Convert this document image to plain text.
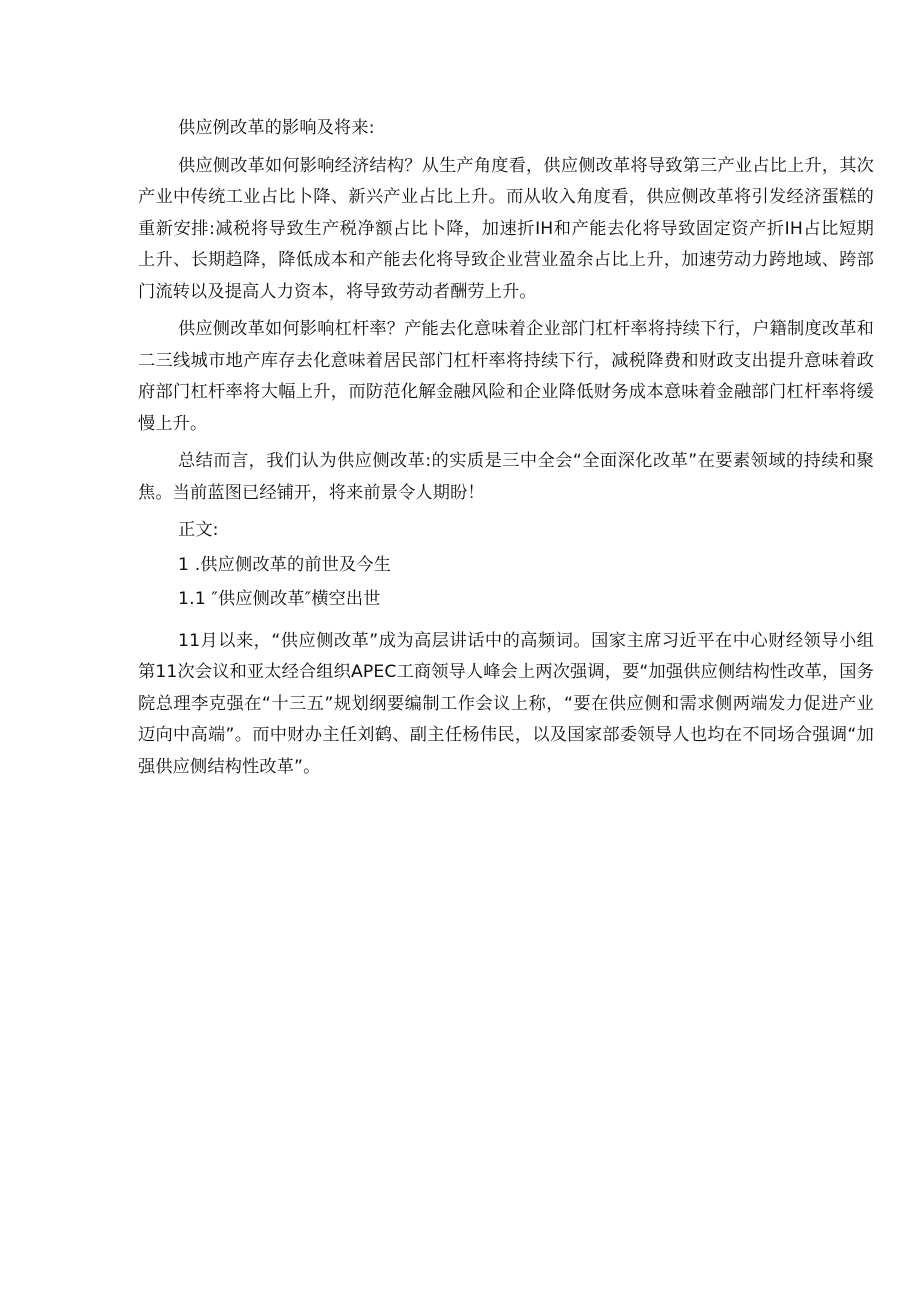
供应例改革的影响及将来:

供应侧改革如何影响经济结构？从生产角度看，供应侧改革将导致第三产业占比上升，其次产业中传统工业占比卜降、新兴产业占比上升。而从收入角度看，供应侧改革将引发经济蛋糕的重新安排:减税将导致生产税净额占比卜降，加速折IH和产能去化将导致固定资产折IH占比短期上升、长期趋降，降低成本和产能去化将导致企业营业盈余占比上升，加速劳动力跨地域、跨部门流转以及提高人力资本，将导致劳动者酬劳上升。

供应侧改革如何影响杠杆率？产能去化意味着企业部门杠杆率将持续下行，户籍制度改革和二三线城市地产库存去化意味着居民部门杠杆率将持续下行，减税降费和财政支出提升意味着政府部门杠杆率将大幅上升，而防范化解金融风险和企业降低财务成本意味着金融部门杠杆率将缓慢上升。

总结而言，我们认为供应侧改革:的实质是三中全会“全面深化改革”在要素领域的持续和聚焦。当前蓝图已经铺开，将来前景令人期盼！

正文:

1 .供应侧改革的前世及今生

1.1 ″供应侧改革″横空出世

11月以来，“供应侧改革”成为高层讲话中的高频词。国家主席习近平在中心财经领导小组第11次会议和亚太经合组织APEC工商领导人峰会上两次强调，要“加强供应侧结构性改革，国务院总理李克强在“十三五”规划纲要编制工作会议上称，“要在供应侧和需求侧两端发力促进产业迈向中高端”。而中财办主任刘鹤、副主任杨伟民，以及国家部委领导人也均在不同场合强调“加强供应侧结构性改革”。
